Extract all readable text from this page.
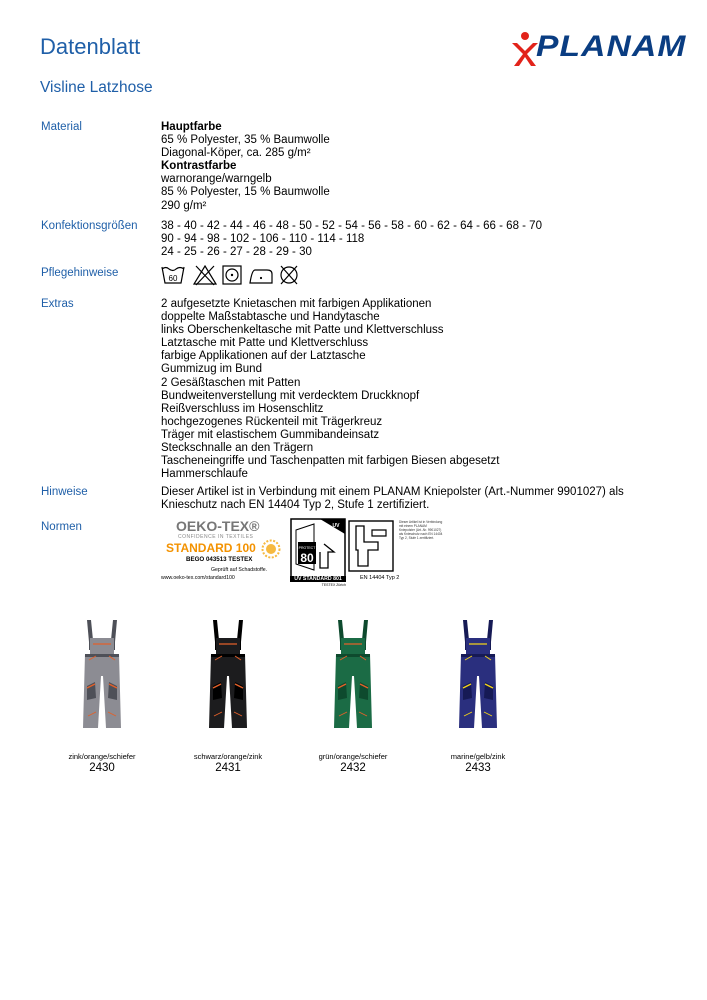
Datenblatt
Visline Latzhose
PLANAM
Material	Hauptfarbe
65 % Polyester, 35 % Baumwolle
Diagonal-Köper, ca. 285 g/m²
Kontrastfarbe
warnorange/warngelb
85 % Polyester, 15 % Baumwolle
290 g/m²
Konfektionsgrößen 38 - 40 - 42 - 44 - 46 - 48 - 50 - 52 - 54 - 56 - 58 - 60 - 62 - 64 - 66 - 68 - 70
90 - 94 - 98 - 102 - 106 - 110 - 114 - 118
24 - 25 - 26 - 27 - 28 - 29 - 30
Pflegehinweise	60
Extras	2 aufgesetzte Knietaschen mit farbigen Applikationen
doppelte Maßstabtasche und Handytasche
links Oberschenkeltasche mit Patte und Klettverschluss
Latztasche mit Patte und Klettverschluss
farbige Applikationen auf der Latztasche
Gummizug im Bund
2 Gesäßtaschen mit Patten
Bundweitenverstellung mit verdecktem Druckknopf
Reißverschluss im Hosenschlitz
hochgezogenes Rückenteil mit Trägerkreuz
Träger mit elastischem Gummibandeinsatz
Steckschnalle an den Trägern
Tascheneingriffe und Taschenpatten mit farbigen Biesen abgesetzt
Hammerschlaufe
Hinweise	Dieser Artikel ist in Verbindung mit einem PLANAM Kniepolster (Art.-Nummer 9901027) als
Knieschutz nach EN 14404 Typ 2, Stufe 1 zertifiziert.
Normen	OEKO-TEX®
CONFIDENCE IN TEXTILES
STANDARD 100
BEGO 043513 TESTEX
Geprüft auf Schadstoffe.
www.oeko-tex.com/standard100
PROTECT
80
UV
UV STANDARD 801
TESTEX Zürich
EN 14404 Typ 2
Dieser Artikel ist in Verbindung mit einem PLANAM Kniepolster (Art.-Nr. 9901027) als Knieschutz nach EN 14404 Typ 2, Stufe 1 zertifiziert.
zink/orange/schiefer
2430
schwarz/orange/zink
2431
grün/orange/schiefer
2432
marine/gelb/zink
2433
